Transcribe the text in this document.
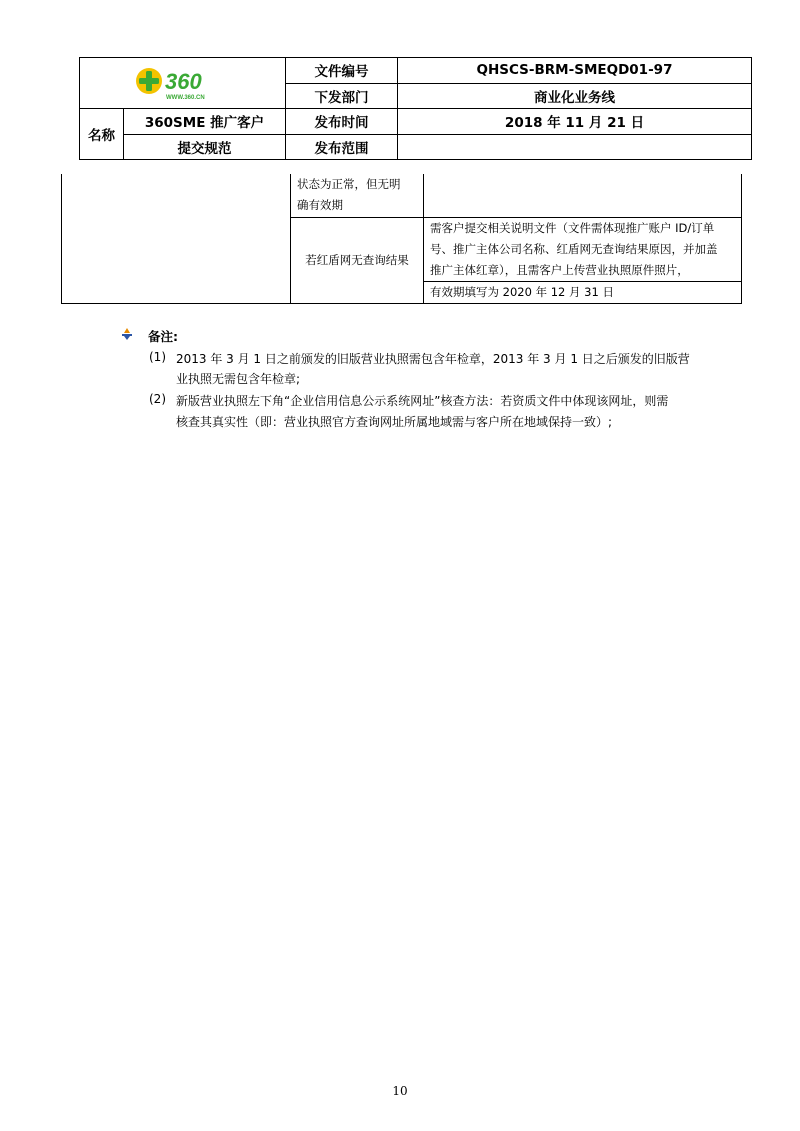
360
WWW.360.CN		文件编号	QHSCS-BRM-SMEQD01-97
		下发部门	商业化业务线
名称	360SME 推广客户	发布时间	2018 年 11 月 21 日
	提交规范	发布范围	

	状态为正常，但无明
确有效期	

	若红盾网无查询结果	需客户提交相关说明文件（文件需体现推广账户 ID/订单
号、推广主体公司名称、红盾网无查询结果原因，并加盖
推广主体红章），且需客户上传营业执照原件照片，

		有效期填写为 2020 年 12 月 31 日
备注:
(1) 2013 年 3 月 1 日之前颁发的旧版营业执照需包含年检章，2013 年 3 月 1 日之后颁发的旧版营
业执照无需包含年检章;
(2) 新版营业执照左下角“企业信用信息公示系统网址”核查方法：若资质文件中体现该网址，则需
核查其真实性（即：营业执照官方查询网址所属地域需与客户所在地域保持一致）;
10
